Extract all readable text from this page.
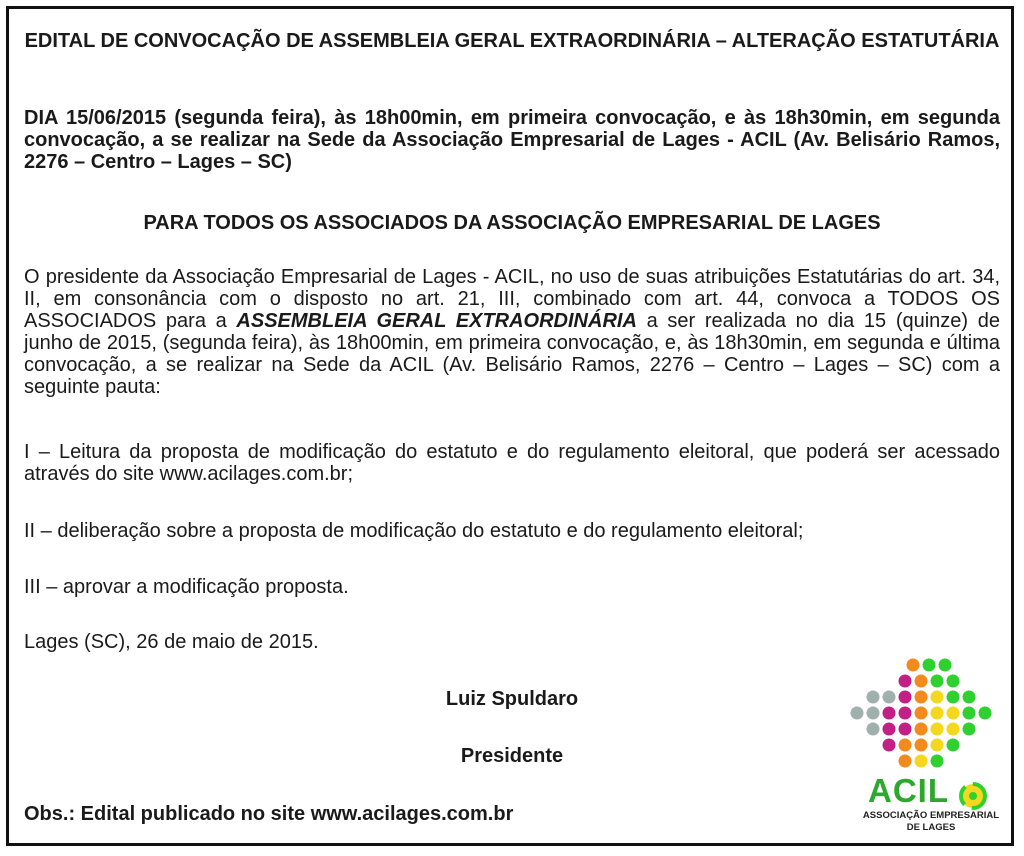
EDITAL DE CONVOCAÇÃO DE ASSEMBLEIA GERAL EXTRAORDINÁRIA – ALTERAÇÃO ESTATUTÁRIA
DIA 15/06/2015 (segunda feira), às 18h00min, em primeira convocação, e às 18h30min, em segunda convocação, a se realizar na Sede da Associação Empresarial de Lages - ACIL (Av. Belisário Ramos, 2276 – Centro – Lages – SC)
PARA TODOS OS ASSOCIADOS DA ASSOCIAÇÃO EMPRESARIAL DE LAGES
O presidente da Associação Empresarial de Lages - ACIL, no uso de suas atribuições Estatutárias do art. 34, II, em consonância com o disposto no art. 21, III, combinado com art. 44, convoca a TODOS OS ASSOCIADOS para a ASSEMBLEIA GERAL EXTRAORDINÁRIA a ser realizada no dia 15 (quinze) de junho de 2015, (segunda feira), às 18h00min, em primeira convocação, e, às 18h30min, em segunda e última convocação, a se realizar na Sede da ACIL (Av. Belisário Ramos, 2276 – Centro – Lages – SC) com a seguinte pauta:
I – Leitura da proposta de modificação do estatuto e do regulamento eleitoral, que poderá ser acessado através do site www.acilages.com.br;
II – deliberação sobre a proposta de modificação do estatuto e do regulamento eleitoral;
III – aprovar a modificação proposta.
Lages (SC), 26 de maio de 2015.
Luiz Spuldaro
Presidente
Obs.: Edital publicado no site www.acilages.com.br
ACIL
ASSOCIAÇÃO EMPRESARIAL
DE LAGES
